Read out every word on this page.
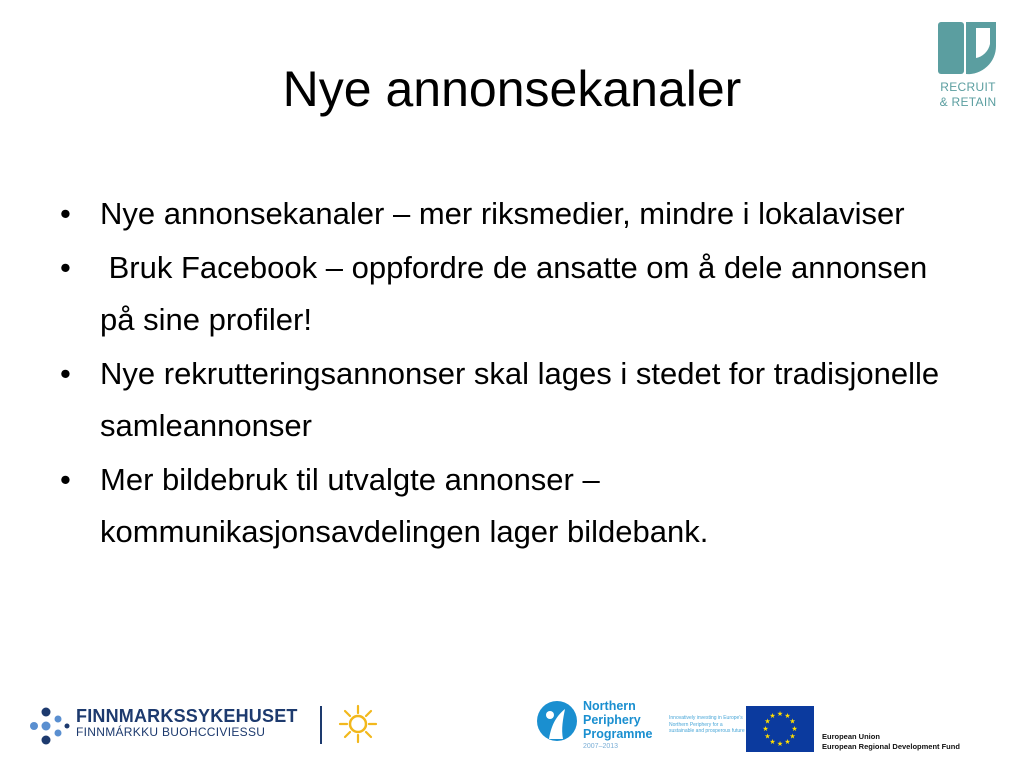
RECRUIT
& RETAIN
Nye annonsekanaler
• Nye annonsekanaler – mer riksmedier, mindre i lokalaviser
• Bruk Facebook – oppfordre de ansatte om å dele annonsen på sine profiler!
• Nye rekrutteringsannonser skal lages i stedet for tradisjonelle samleannonser
• Mer bildebruk til utvalgte annonser – kommunikasjonsavdelingen lager bildebank.
FINNMARKSSYKEHUSET
FINNMÁRKKU BUOHCCIVIESSU
Northern
Periphery
Programme
2007–2013
Innovatively investing in Europe's Northern Periphery for a sustainable and prosperous future
★ ★
★
★
★
★
★
★
★
★
★
★
European Union
European Regional Development Fund
